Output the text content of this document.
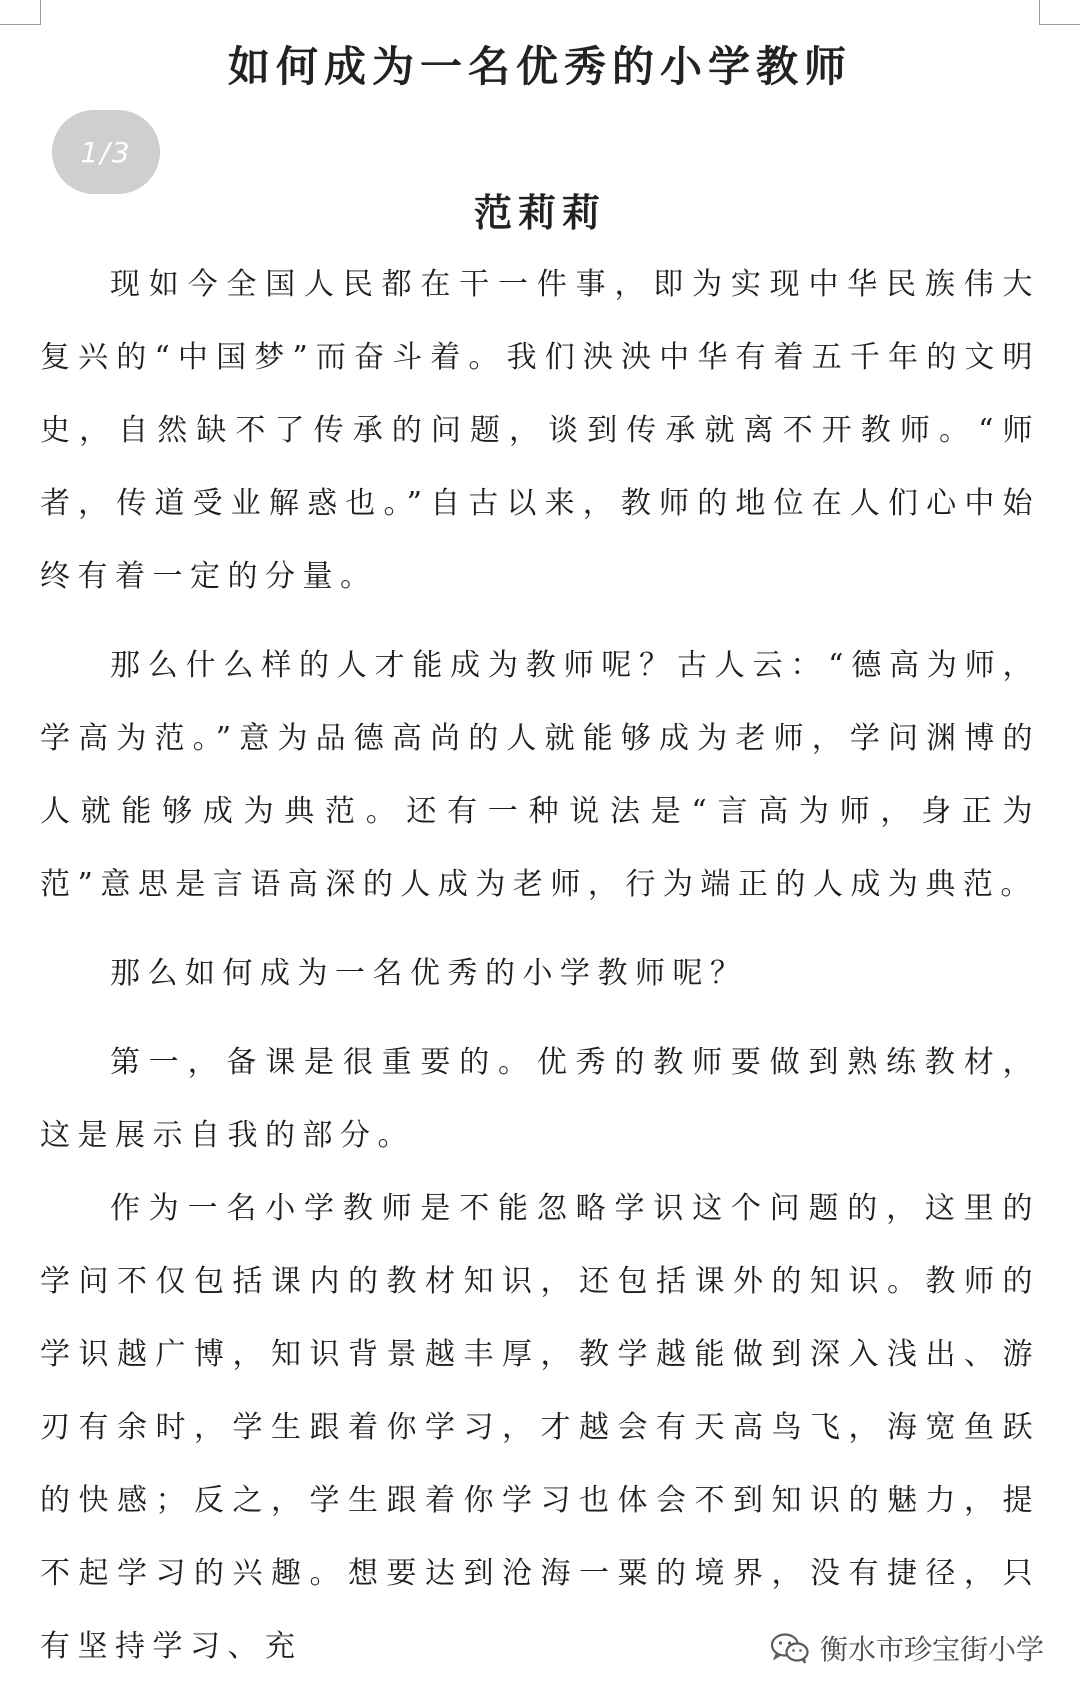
如何成为一名优秀的小学教师
1/3
范莉莉

现如今全国人民都在干一件事，即为实现中华民族伟大复兴的“中国梦”而奋斗着。我们泱泱中华有着五千年的文明史，自然缺不了传承的问题，谈到传承就离不开教师。“师者，传道受业解惑也。”自古以来，教师的地位在人们心中始终有着一定的分量。

那么什么样的人才能成为教师呢？古人云：“德高为师，学高为范。”意为品德高尚的人就能够成为老师，学问渊博的人就能够成为典范。还有一种说法是“言高为师，身正为范”意思是言语高深的人成为老师，行为端正的人成为典范。

那么如何成为一名优秀的小学教师呢？

第一，备课是很重要的。优秀的教师要做到熟练教材，这是展示自我的部分。

作为一名小学教师是不能忽略学识这个问题的，这里的学问不仅包括课内的教材知识，还包括课外的知识。教师的学识越广博，知识背景越丰厚，教学越能做到深入浅出、游刃有余时，学生跟着你学习，才越会有天高鸟飞，海宽鱼跃的快感；反之，学生跟着你学习也体会不到知识的魅力，提不起学习的兴趣。想要达到沧海一粟的境界，没有捷径，只有坚持学习、充	衡水市珍宝街小学
